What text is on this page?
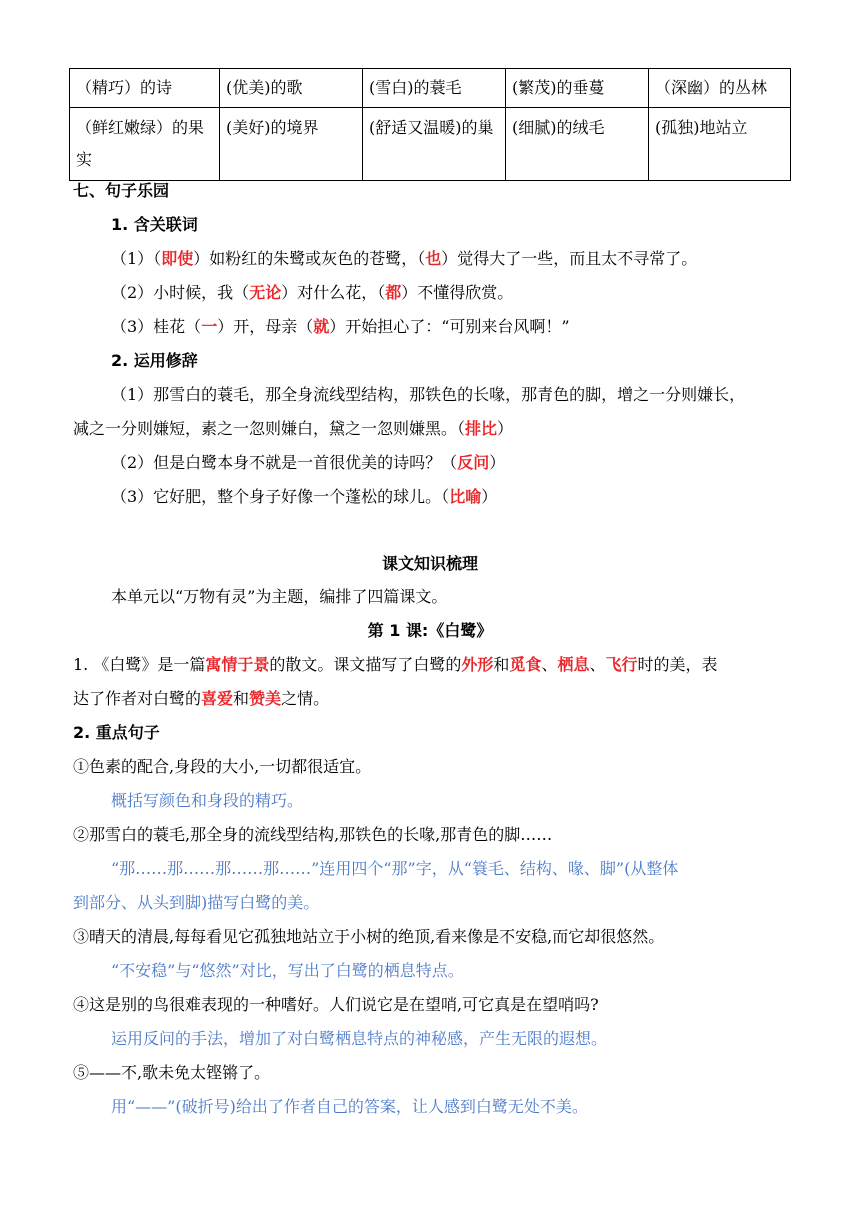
（精巧）的诗	(优美)的歌	(雪白)的蓑毛	(繁茂)的垂蔓	（深幽）的丛林
（鲜红嫩绿）的果实	(美好)的境界	(舒适又温暖)的巢	(细腻)的绒毛	(孤独)地站立
七、句子乐园
1. 含关联词
（1）（即使）如粉红的朱鹭或灰色的苍鹭，（也）觉得大了一些，而且太不寻常了。
（2）小时候，我（无论）对什么花，（都）不懂得欣赏。
（3）桂花（一）开，母亲（就）开始担心了：“可别来台风啊！”
2. 运用修辞
（1）那雪白的蓑毛，那全身流线型结构，那铁色的长喙，那青色的脚，增之一分则嫌长，
减之一分则嫌短，素之一忽则嫌白，黛之一忽则嫌黑。（排比）
（2）但是白鹭本身不就是一首很优美的诗吗？（反问）
（3）它好肥，整个身子好像一个蓬松的球儿。（比喻）
课文知识梳理
本单元以“万物有灵”为主题，编排了四篇课文。
第 1 课:《白鹭》
1. 《白鹭》是一篇寓情于景的散文。课文描写了白鹭的外形和觅食、栖息、飞行时的美，表
达了作者对白鹭的喜爱和赞美之情。
2. 重点句子
①色素的配合,身段的大小,一切都很适宜。
概括写颜色和身段的精巧。
②那雪白的蓑毛,那全身的流线型结构,那铁色的长喙,那青色的脚……
“那……那……那……那……”连用四个“那”字，从“簑毛、结构、喙、脚”(从整体
到部分、从头到脚)描写白鹭的美。
③晴天的清晨,每每看见它孤独地站立于小树的绝顶,看来像是不安稳,而它却很悠然。
“不安稳”与“悠然”对比，写出了白鹭的栖息特点。
④这是别的鸟很难表现的一种嗜好。人们说它是在望哨,可它真是在望哨吗?
运用反问的手法，增加了对白鹭栖息特点的神秘感，产生无限的遐想。
⑤——不,歌未免太铿锵了。
用“——”(破折号)给出了作者自己的答案，让人感到白鹭无处不美。
